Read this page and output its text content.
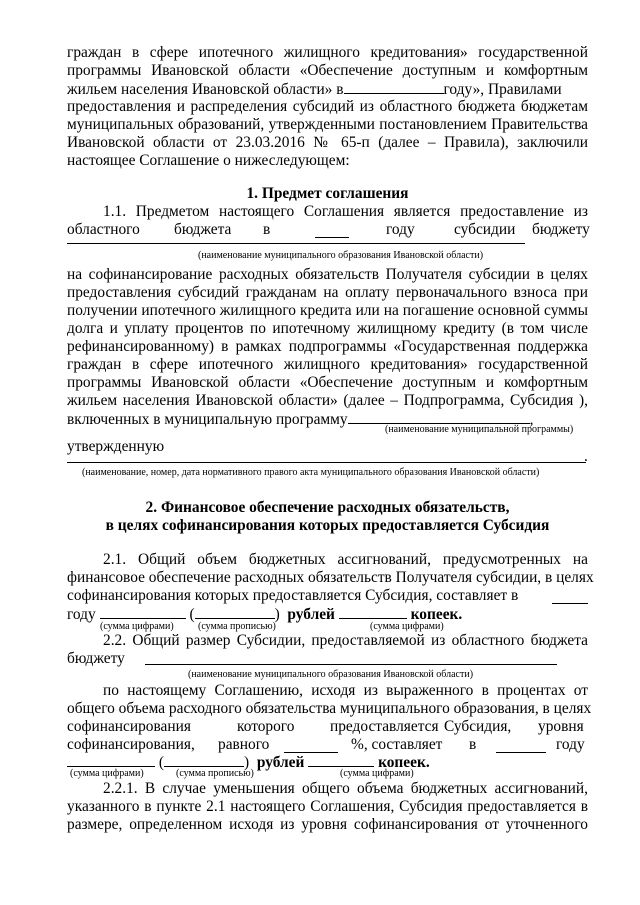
граждан в сфере ипотечного жилищного кредитования» государственной
программы Ивановской области «Обеспечение доступным и комфортным
жильем населения Ивановской области» в	году», Правилами
предоставления и распределения субсидий из областного бюджета бюджетам
муниципальных образований, утвержденными постановлением Правительства
Ивановской области от 23.03.2016 № 65-п (далее – Правила), заключили
настоящее Соглашение о нижеследующем:
1. Предмет соглашения
1.1. Предметом настоящего Соглашения является предоставление из
областного бюджета в	году	субсидии бюджету
(наименование муниципального образования Ивановской области)
на софинансирование расходных обязательств Получателя субсидии в целях
предоставления субсидий гражданам на оплату первоначального взноса при
получении ипотечного жилищного кредита или на погашение основной суммы
долга и уплату процентов по ипотечному жилищному кредиту (в том числе
рефинансированному) в рамках подпрограммы «Государственная поддержка
граждан в сфере ипотечного жилищного кредитования» государственной
программы Ивановской области «Обеспечение доступным и комфортным
жильем населения Ивановской области» (далее – Подпрограмма, Субсидия ),
включенных в муниципальную программу	,
(наименование муниципальной программы)
утвержденную
.
(наименование, номер, дата нормативного правого акта муниципального образования Ивановской области)
2. Финансовое обеспечение расходных обязательств,
в целях софинансирования которых предоставляется Субсидия
2.1. Общий объем бюджетных ассигнований, предусмотренных на
финансовое обеспечение расходных обязательств Получателя субсидии, в целях
софинансирования которых предоставляется Субсидия, составляет в
году	(	) рублей	копеек.
(сумма цифрами) (сумма прописью)	(сумма цифрами)
2.2. Общий размер Субсидии, предоставляемой из областного бюджета
бюджету
(наименование муниципального образования Ивановской области)
по настоящему Соглашению, исходя из выраженного в процентах от
общего объема расходного обязательства муниципального образования, в целях
софинансирования	которого предоставляется Субсидия, уровня
софинансирования, равного	%, составляет в	году
(	) рублей	копеек.
(сумма цифрами)	(сумма прописью)	(сумма цифрами)
2.2.1. В случае уменьшения общего объема бюджетных ассигнований,
указанного в пункте 2.1 настоящего Соглашения, Субсидия предоставляется в
размере, определенном исходя из уровня софинансирования от уточненного
